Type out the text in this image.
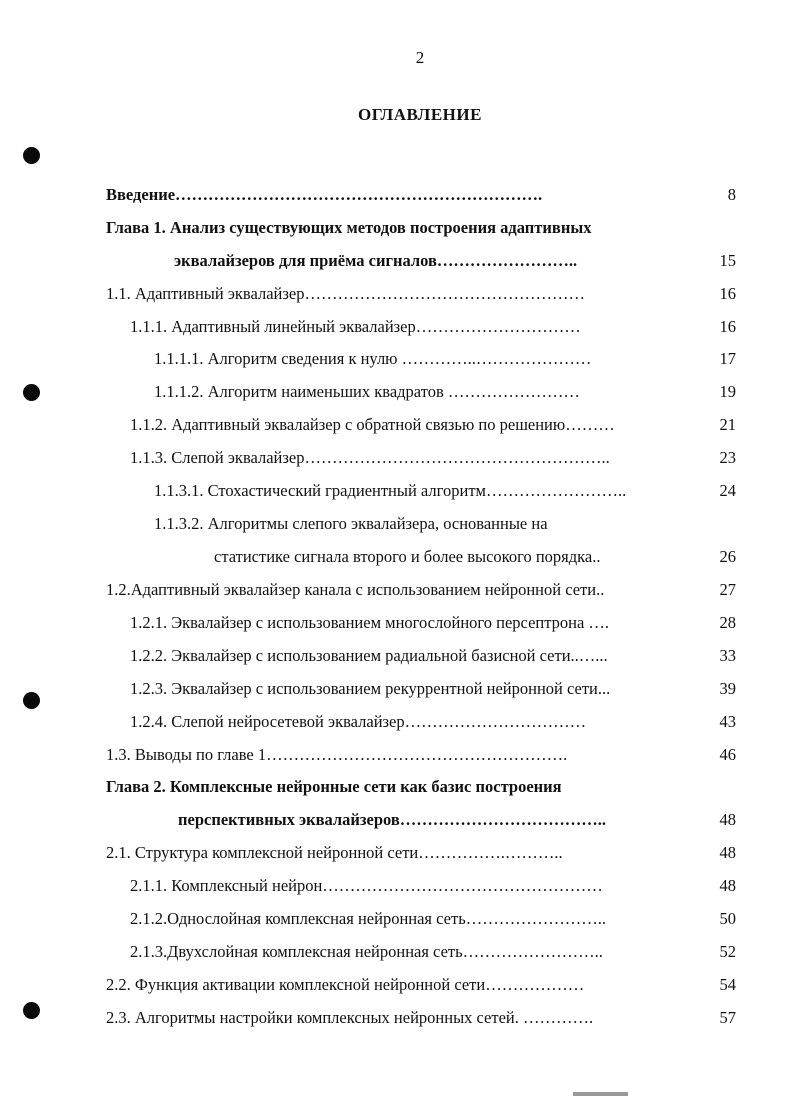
2
ОГЛАВЛЕНИЕ
Введение………………………………………………………….	8
Глава 1. Анализ существующих методов построения адаптивных
эквалайзеров для приёма сигналов……………………..	15
1.1. Адаптивный эквалайзер……………………………………………	16
1.1.1. Адаптивный линейный эквалайзер…………………………	16
1.1.1.1. Алгоритм сведения к нулю …………..…………………	17
1.1.1.2. Алгоритм наименьших квадратов ……………………	19
1.1.2. Адаптивный эквалайзер с обратной связью по решению………	21
1.1.3. Слепой эквалайзер………………………………………………..	23
1.1.3.1. Стохастический градиентный алгоритм……………………..	24
1.1.3.2. Алгоритмы слепого эквалайзера, основанные на
статистике сигнала второго и более высокого порядка..	26
1.2.Адаптивный эквалайзер канала с использованием нейронной сети..	27
1.2.1. Эквалайзер с использованием многослойного персептрона ….	28
1.2.2. Эквалайзер с использованием радиальной базисной сети..…...	33
1.2.3. Эквалайзер с использованием рекуррентной нейронной сети...	39
1.2.4. Слепой нейросетевой эквалайзер……………………………	43
1.3. Выводы по главе 1……………………………………………….	46
Глава 2. Комплексные нейронные сети как базис построения
перспективных эквалайзеров………………………………..	48
2.1. Структура комплексной нейронной сети…………….………..	48
2.1.1. Комплексный нейрон……………………………………………	48
2.1.2.Однослойная комплексная нейронная сеть……………………..	50
2.1.3.Двухслойная комплексная нейронная сеть……………………..	52
2.2. Функция активации комплексной нейронной сети………………	54
2.3. Алгоритмы настройки комплексных нейронных сетей. ………….	57
